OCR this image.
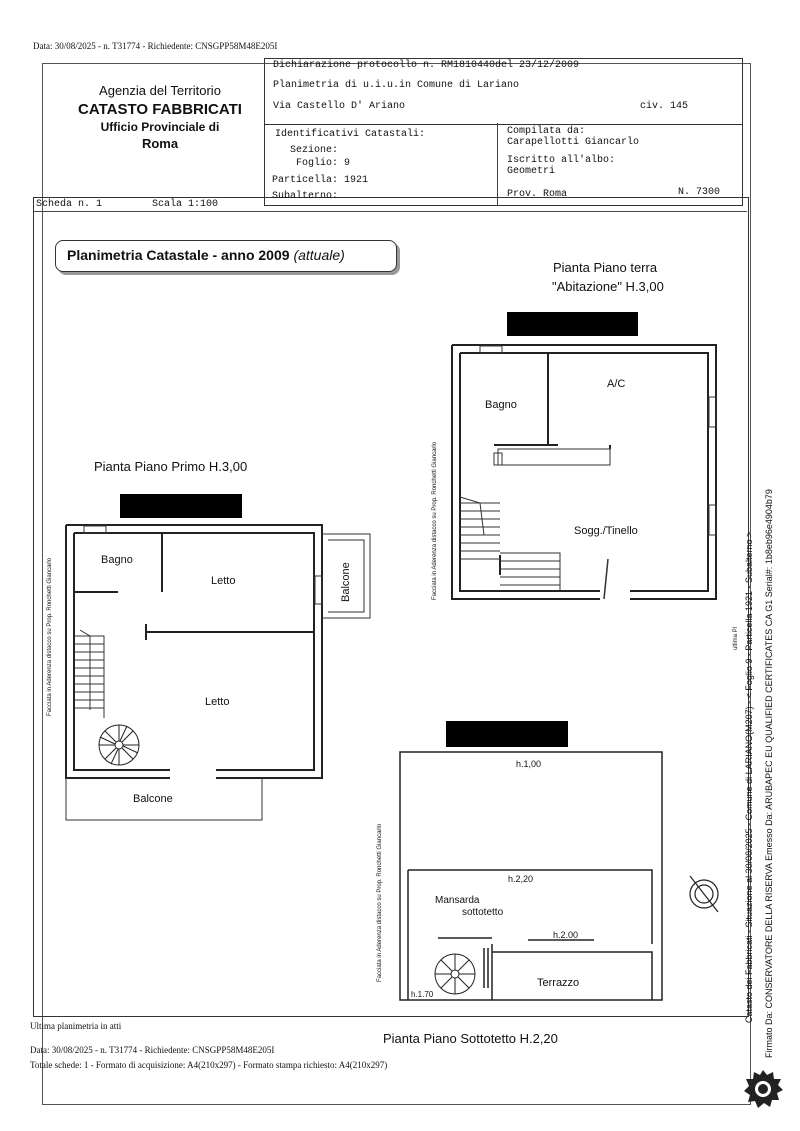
Data: 30/08/2025 - n. T31774 - Richiedente: CNSGPP58M48E205I
Agenzia del Territorio
CATASTO FABBRICATI
Ufficio Provinciale di
Roma
Dichiarazione protocollo n. RM1810440del 23/12/2009
Planimetria di u.i.u.in Comune di Lariano
Via Castello D' Ariano	civ. 145
Identificativi Catastali:
Sezione:
Foglio: 9
Particella: 1921
Subalterno:
Compilata da:
Carapellotti Giancarlo
Iscritto all'albo:
Geometri
Prov. Roma	N. 7300
Scheda n. 1	Scala 1:100
Planimetria Catastale - anno 2009 (attuale)
Pianta Piano terra
"Abitazione" H.3,00
Pianta Piano Primo H.3,00
Pianta Piano Sottotetto H.2,20
Bagno
A/C
Sogg./Tinello
Facciata in Aderenza distacco su Prop. Ronchetti Giancarlo
Bagno
Letto
Letto
Balcone
Balcone
Facciata in Aderenza distacco su Prop. Ronchetti Giancarlo
h.1,00
h.2,20
Mansarda
sottotetto
h.2.00
Terrazzo
h.1.70
Facciata in Aderenza distacco su Prop. Ronchetti Giancarlo	Catasto dei Fabbricati - Situazione al 30/08/2025 - Comune di LARIANO(M207) - < Foglio 9 - Particella 1921 - Subalterno > Firmato Da: CONSERVATORE DELLA RISERVA Emesso Da: ARUBAPEC EU QUALIFIED CERTIFICATES CA G1 Serial#: 1b8eb96e4904b79
ultima Pl
Ultima planimetria in atti
Data: 30/08/2025 - n. T31774 - Richiedente: CNSGPP58M48E205I
Totale schede: 1 - Formato di acquisizione: A4(210x297) - Formato stampa richiesto: A4(210x297)
